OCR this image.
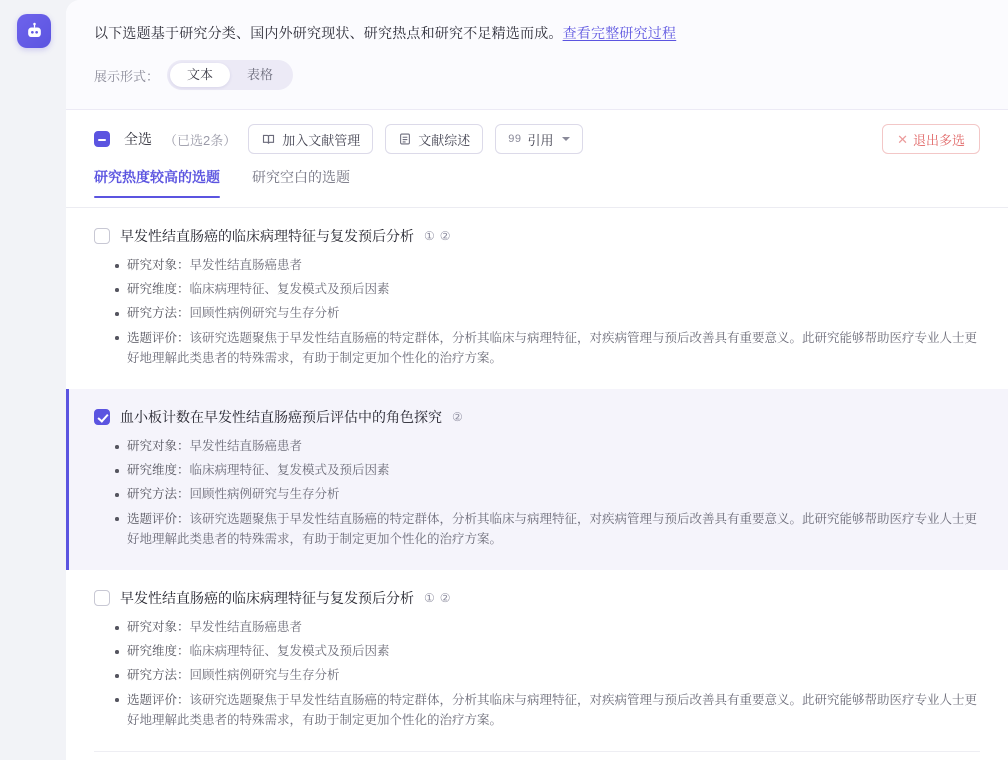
以下选题基于研究分类、国内外研究现状、研究热点和研究不足精选而成。查看完整研究过程
展示形式：	文本	表格
全选 （已选2条）	加入文献管理	文献综述	99 引用	✕ 退出多选
研究热度较高的选题 研究空白的选题
早发性结直肠癌的临床病理特征与复发预后分析 ① ②
研究对象：早发性结直肠癌患者
研究维度：临床病理特征、复发模式及预后因素
研究方法：回顾性病例研究与生存分析
选题评价：该研究选题聚焦于早发性结直肠癌的特定群体，分析其临床与病理特征，对疾病管理与预后改善具有重要意义。此研究能够帮助医疗专业人士更好地理解此类患者的特殊需求，有助于制定更加个性化的治疗方案。
血小板计数在早发性结直肠癌预后评估中的角色探究 ②
研究对象：早发性结直肠癌患者
研究维度：临床病理特征、复发模式及预后因素
研究方法：回顾性病例研究与生存分析
选题评价：该研究选题聚焦于早发性结直肠癌的特定群体，分析其临床与病理特征，对疾病管理与预后改善具有重要意义。此研究能够帮助医疗专业人士更好地理解此类患者的特殊需求，有助于制定更加个性化的治疗方案。
早发性结直肠癌的临床病理特征与复发预后分析 ① ②
研究对象：早发性结直肠癌患者
研究维度：临床病理特征、复发模式及预后因素
研究方法：回顾性病例研究与生存分析
选题评价：该研究选题聚焦于早发性结直肠癌的特定群体，分析其临床与病理特征，对疾病管理与预后改善具有重要意义。此研究能够帮助医疗专业人士更好地理解此类患者的特殊需求，有助于制定更加个性化的治疗方案。
